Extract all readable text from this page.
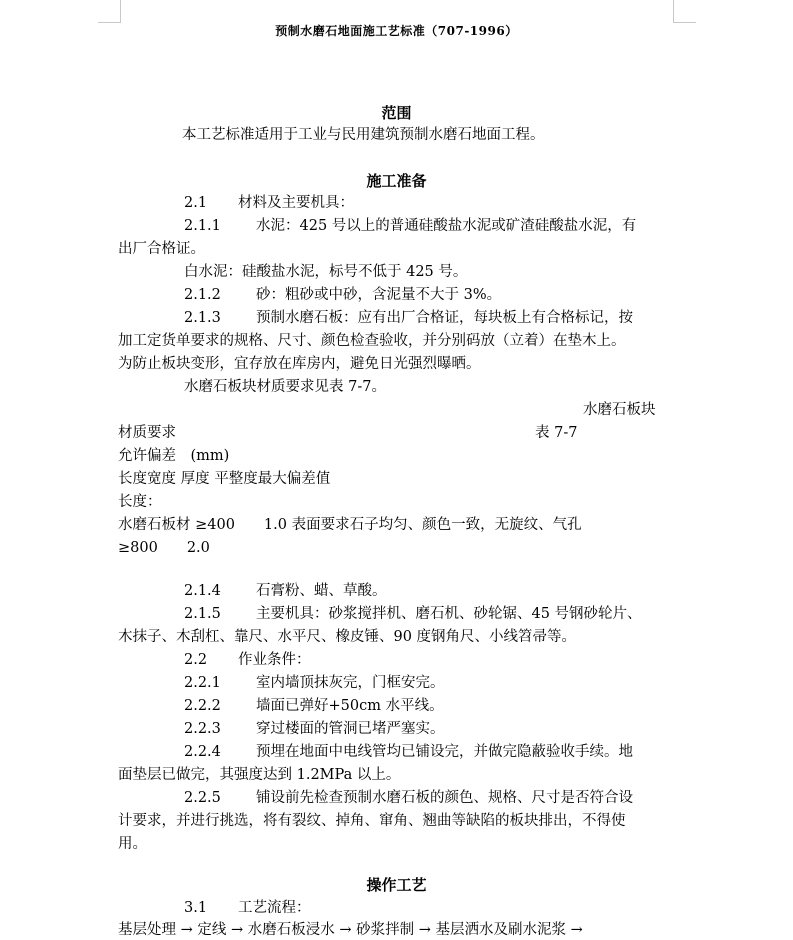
预制水磨石地面施工艺标准（707-1996）
范围
本工艺标准适用于工业与民用建筑预制水磨石地面工程。
施工准备
2.1 材料及主要机具：
2.1.1 水泥：425 号以上的普通硅酸盐水泥或矿渣硅酸盐水泥，有
出厂合格证。
白水泥：硅酸盐水泥，标号不低于 425 号。
2.1.2 砂：粗砂或中砂，含泥量不大于 3%。
2.1.3 预制水磨石板：应有出厂合格证，每块板上有合格标记，按
加工定货单要求的规格、尺寸、颜色检查验收，并分别码放（立着）在垫木上。
为防止板块变形，宜存放在库房内，避免日光强烈曝晒。
水磨石板块材质要求见表 7-7。
水磨石板块
材质要求	表 7-7
允许偏差　(mm)
长度宽度 厚度 平整度最大偏差值
长度：
水磨石板材 ≥400　　1.0 表面要求石子均匀、颜色一致，无旋纹、气孔
≥800　　2.0
2.1.4 石膏粉、蜡、草酸。
2.1.5 主要机具：砂浆搅拌机、磨石机、砂轮锯、45 号钢砂轮片、
木抹子、木刮杠、靠尺、水平尺、橡皮锤、90 度钢角尺、小线笤帚等。
2.2 作业条件：
2.2.1 室内墙顶抹灰完，门框安完。
2.2.2 墙面已弹好+50cm 水平线。
2.2.3 穿过楼面的管洞已堵严塞实。
2.2.4 预埋在地面中电线管均已铺设完，并做完隐蔽验收手续。地
面垫层已做完，其强度达到 1.2MPa 以上。
2.2.5 铺设前先检查预制水磨石板的颜色、规格、尺寸是否符合设
计要求，并进行挑选，将有裂纹、掉角、窜角、翘曲等缺陷的板块排出，不得使
用。
操作工艺
3.1 工艺流程：
基层处理 → 定线 → 水磨石板浸水 → 砂浆拌制 → 基层洒水及刷水泥浆 →
